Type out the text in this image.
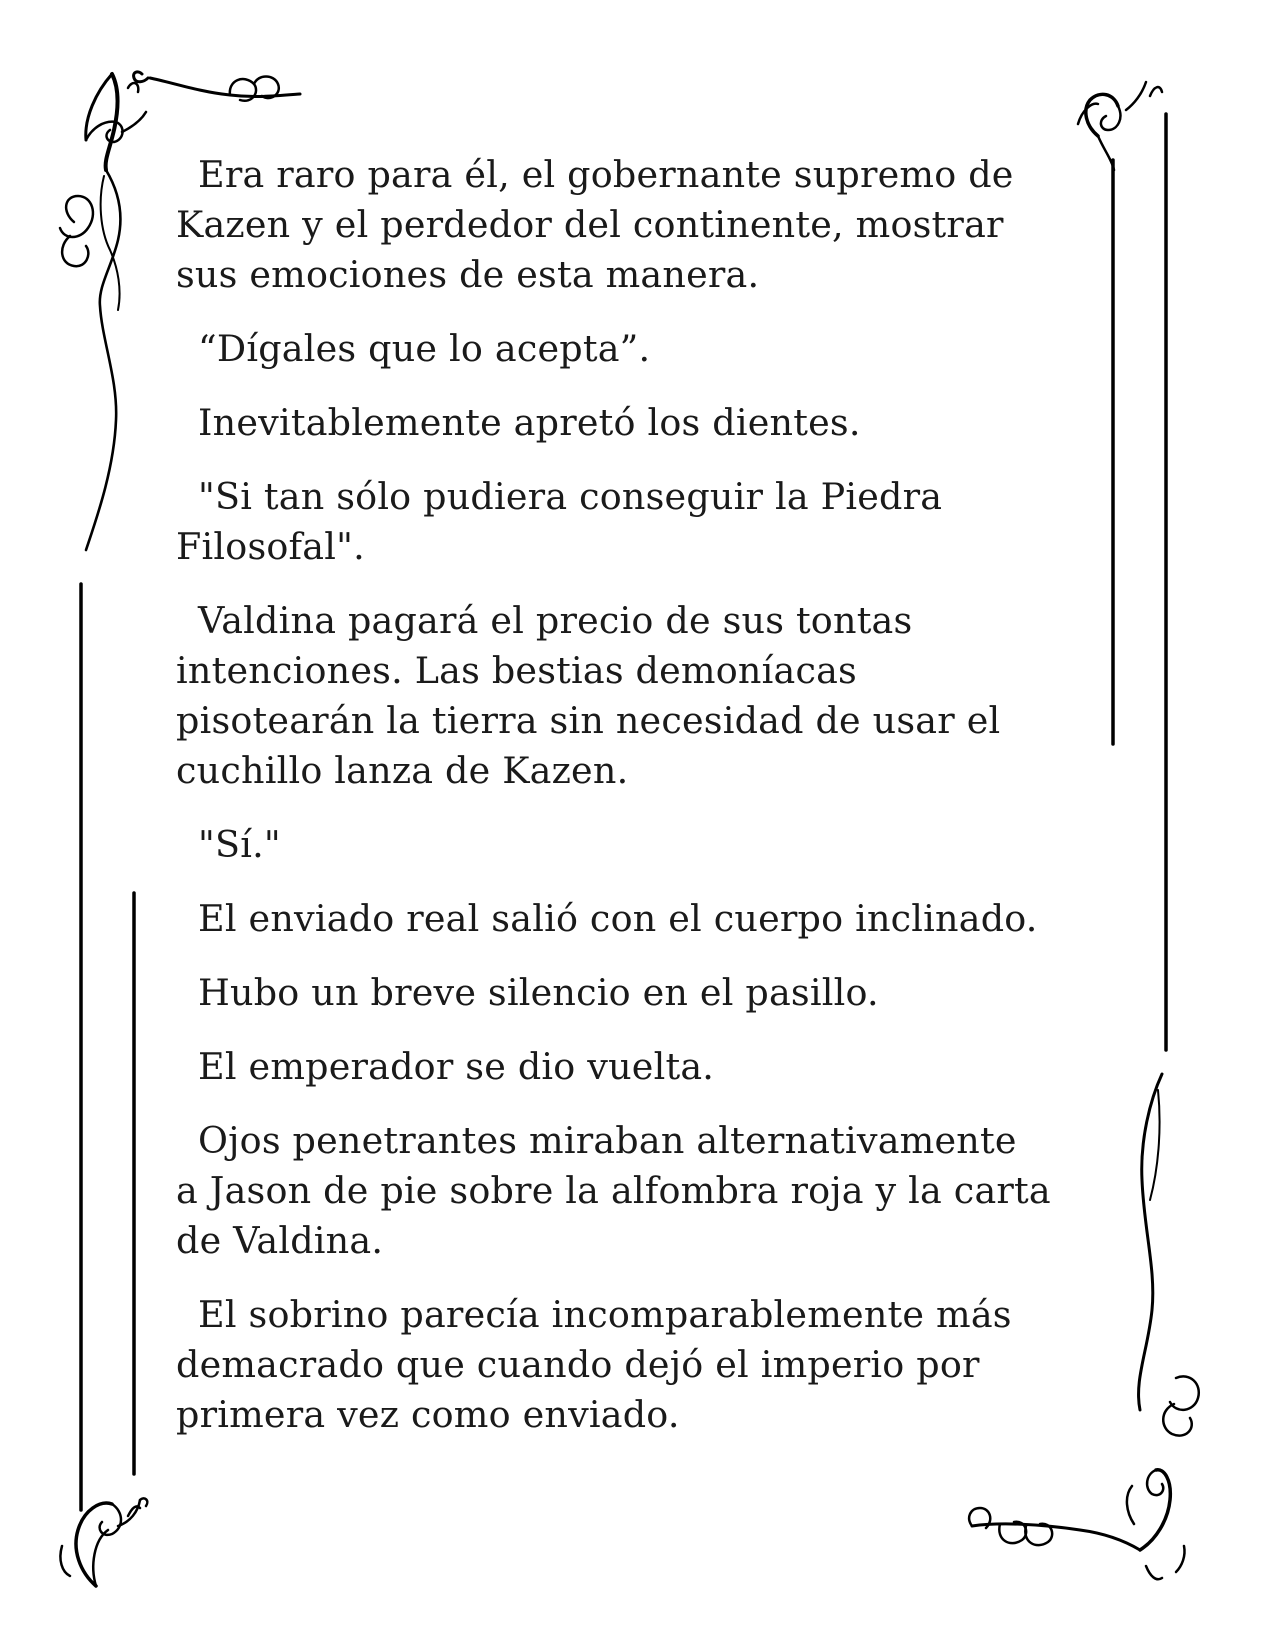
Era raro para él, el gobernante supremo de
Kazen y el perdedor del continente, mostrar
sus emociones de esta manera.

“Dígales que lo acepta”.

Inevitablemente apretó los dientes.

"Si tan sólo pudiera conseguir la Piedra
Filosofal".

Valdina pagará el precio de sus tontas
intenciones. Las bestias demoníacas
pisotearán la tierra sin necesidad de usar el
cuchillo lanza de Kazen.

"Sí."

El enviado real salió con el cuerpo inclinado.

Hubo un breve silencio en el pasillo.

El emperador se dio vuelta.

Ojos penetrantes miraban alternativamente
a Jason de pie sobre la alfombra roja y la carta
de Valdina.

El sobrino parecía incomparablemente más
demacrado que cuando dejó el imperio por
primera vez como enviado.
